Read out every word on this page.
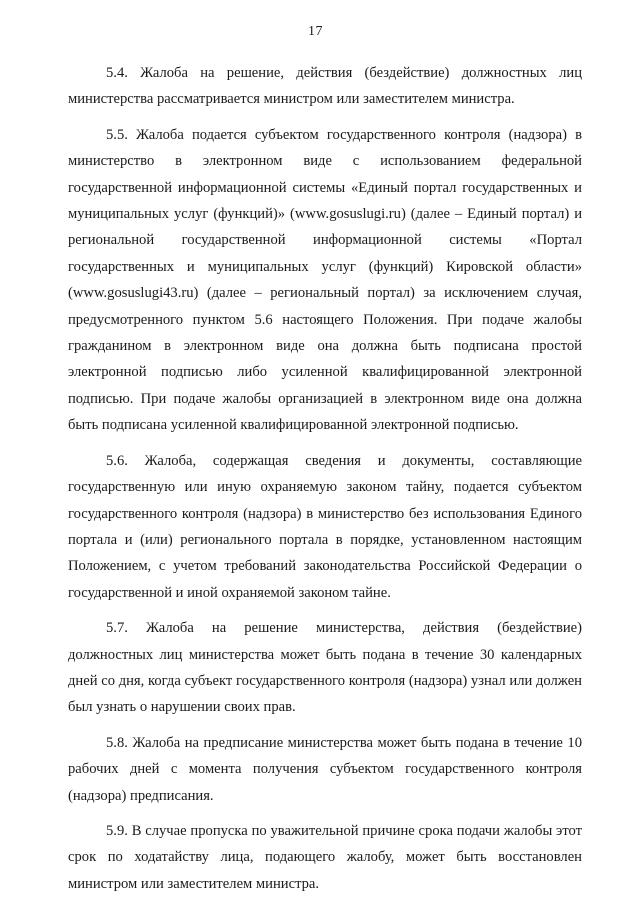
17

5.4. Жалоба на решение, действия (бездействие) должностных лиц министерства рассматривается министром или заместителем министра.

5.5. Жалоба подается субъектом государственного контроля (надзора) в министерство в электронном виде с использованием федеральной государственной информационной системы «Единый портал государственных и муниципальных услуг (функций)» (www.gosuslugi.ru) (далее – Единый портал) и региональной государственной информационной системы «Портал государственных и муниципальных услуг (функций) Кировской области» (www.gosuslugi43.ru) (далее – региональный портал) за исключением случая, предусмотренного пунктом 5.6 настоящего Положения. При подаче жалобы гражданином в электронном виде она должна быть подписана простой электронной подписью либо усиленной квалифицированной электронной подписью. При подаче жалобы организацией в электронном виде она должна быть подписана усиленной квалифицированной электронной подписью.

5.6. Жалоба, содержащая сведения и документы, составляющие государственную или иную охраняемую законом тайну, подается субъектом государственного контроля (надзора) в министерство без использования Единого портала и (или) регионального портала в порядке, установленном настоящим Положением, с учетом требований законодательства Российской Федерации о государственной и иной охраняемой законом тайне.

5.7. Жалоба на решение министерства, действия (бездействие) должностных лиц министерства может быть подана в течение 30 календарных дней со дня, когда субъект государственного контроля (надзора) узнал или должен был узнать о нарушении своих прав.

5.8. Жалоба на предписание министерства может быть подана в течение 10 рабочих дней с момента получения субъектом государственного контроля (надзора) предписания.

5.9. В случае пропуска по уважительной причине срока подачи жалобы этот срок по ходатайству лица, подающего жалобу, может быть восстановлен министром или заместителем министра.
